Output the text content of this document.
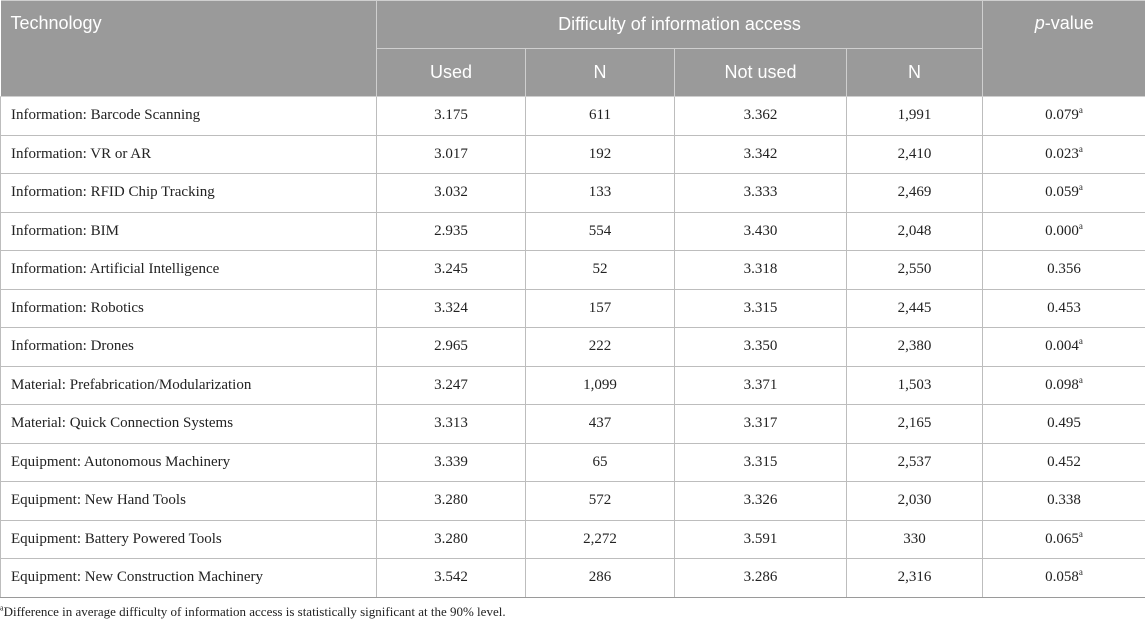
Technology	Difficulty of information access				p-value
	Used	N	Not used	N	
Information: Barcode Scanning	3.175	611	3.362	1,991	0.079$^a$
Information: VR or AR	3.017	192	3.342	2,410	0.023$^a$
Information: RFID Chip Tracking	3.032	133	3.333	2,469	0.059$^a$
Information: BIM	2.935	554	3.430	2,048	0.000$^a$
Information: Artificial Intelligence	3.245	52	3.318	2,550	0.356
Information: Robotics	3.324	157	3.315	2,445	0.453
Information: Drones	2.965	222	3.350	2,380	0.004$^a$
Material: Prefabrication/Modularization	3.247	1,099	3.371	1,503	0.098$^a$
Material: Quick Connection Systems	3.313	437	3.317	2,165	0.495
Equipment: Autonomous Machinery	3.339	65	3.315	2,537	0.452
Equipment: New Hand Tools	3.280	572	3.326	2,030	0.338
Equipment: Battery Powered Tools	3.280	2,272	3.591	330	0.065$^a$
Equipment: New Construction Machinery	3.542	286	3.286	2,316	0.058$^a$
$^a$Difference in average difficulty of information access is statistically significant at the 90% level.
